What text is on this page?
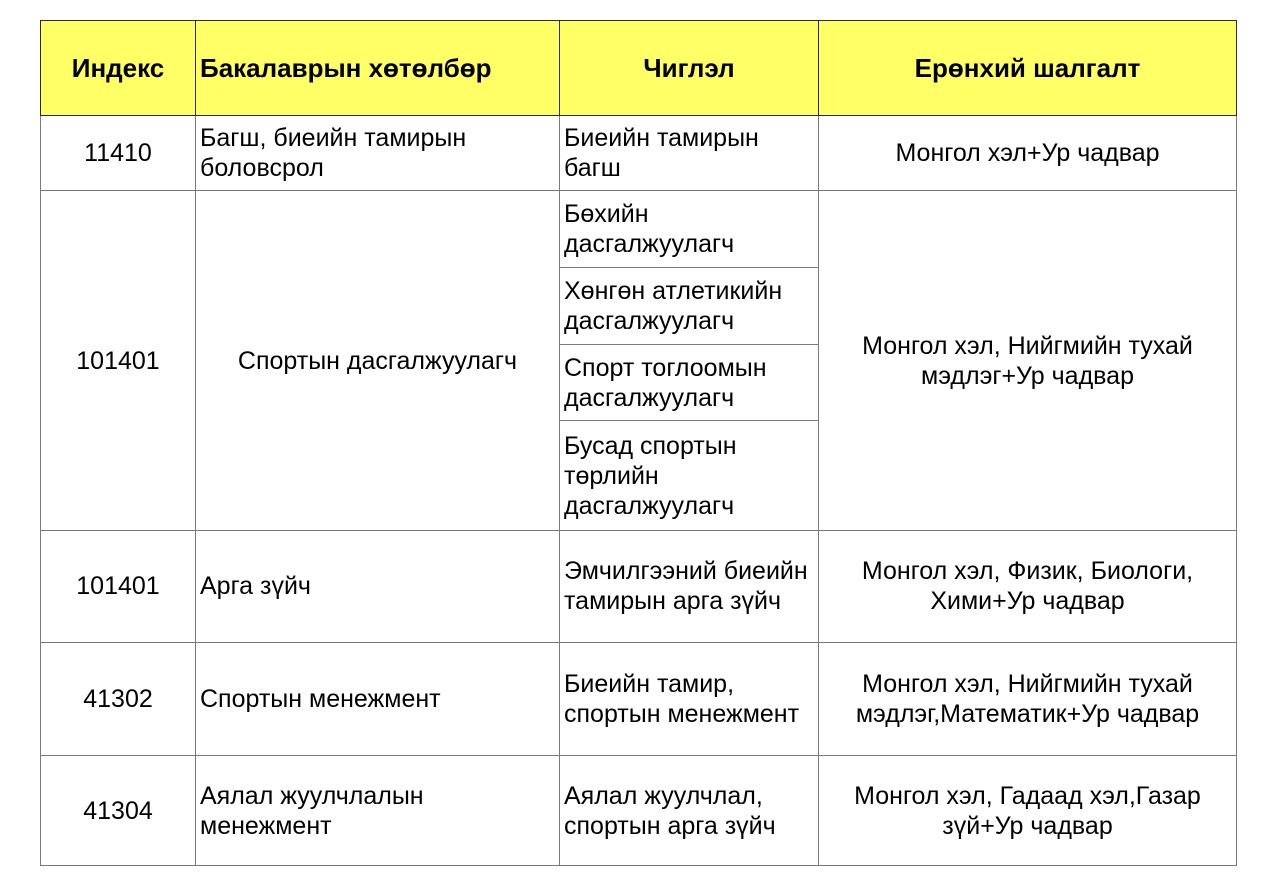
Индекс	Бакалаврын хөтөлбөр	Чиглэл	Ерөнхий шалгалт
11410	Багш, биеийн тамирын боловсрол	Биеийн тамирын багш	Монгол хэл+Ур чадвар
101401	Спортын дасгалжуулагч	Бөхийн дасгалжуулагч	Монгол хэл, Нийгмийн тухай мэдлэг+Ур чадвар
		Хөнгөн атлетикийн дасгалжуулагч	
		Спорт тоглоомын дасгалжуулагч	
		Бусад спортын төрлийн дасгалжуулагч	
101401	Арга зүйч	Эмчилгээний биеийн тамирын арга зүйч	Монгол хэл, Физик, Биологи, Хими+Ур чадвар
41302	Спортын менежмент	Биеийн тамир, спортын менежмент	Монгол хэл, Нийгмийн тухай мэдлэг,Математик+Ур чадвар
41304	Аялал жуулчлалын менежмент	Аялал жуулчлал, спортын арга зүйч	Монгол хэл, Гадаад хэл,Газар зүй+Ур чадвар
